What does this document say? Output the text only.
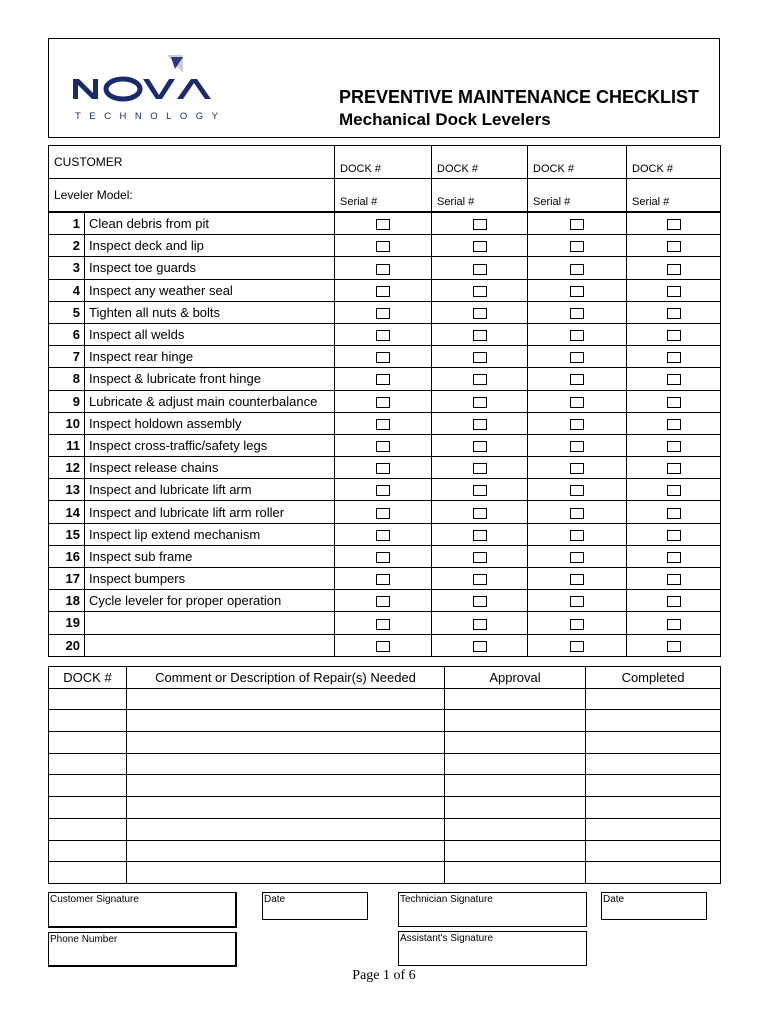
TECHNOLOGY
PREVENTIVE MAINTENANCE CHECKLIST
Mechanical Dock Levelers
CUSTOMER	DOCK #	DOCK #	DOCK #	DOCK #
Leveler Model:	Serial #	Serial #	Serial #	Serial #
1	Clean debris from pit				
2	Inspect deck and lip				
3	Inspect toe guards				
4	Inspect any weather seal				
5	Tighten all nuts & bolts				
6	Inspect all welds				
7	Inspect rear hinge				
8	Inspect & lubricate front hinge				
9	Lubricate & adjust main counterbalance				
10	Inspect holdown assembly				
11	Inspect cross-traffic/safety legs				
12	Inspect release chains				
13	Inspect and lubricate lift arm				
14	Inspect and lubricate lift arm roller				
15	Inspect lip extend mechanism				
16	Inspect sub frame				
17	Inspect bumpers				
18	Cycle leveler for proper operation				
19					
20					
DOCK #	Comment or Description of Repair(s) Needed	Approval	Completed

Customer Signature	Date	Technician Signature	Date
Phone Number	Assistant's Signature
Page 1 of 6
